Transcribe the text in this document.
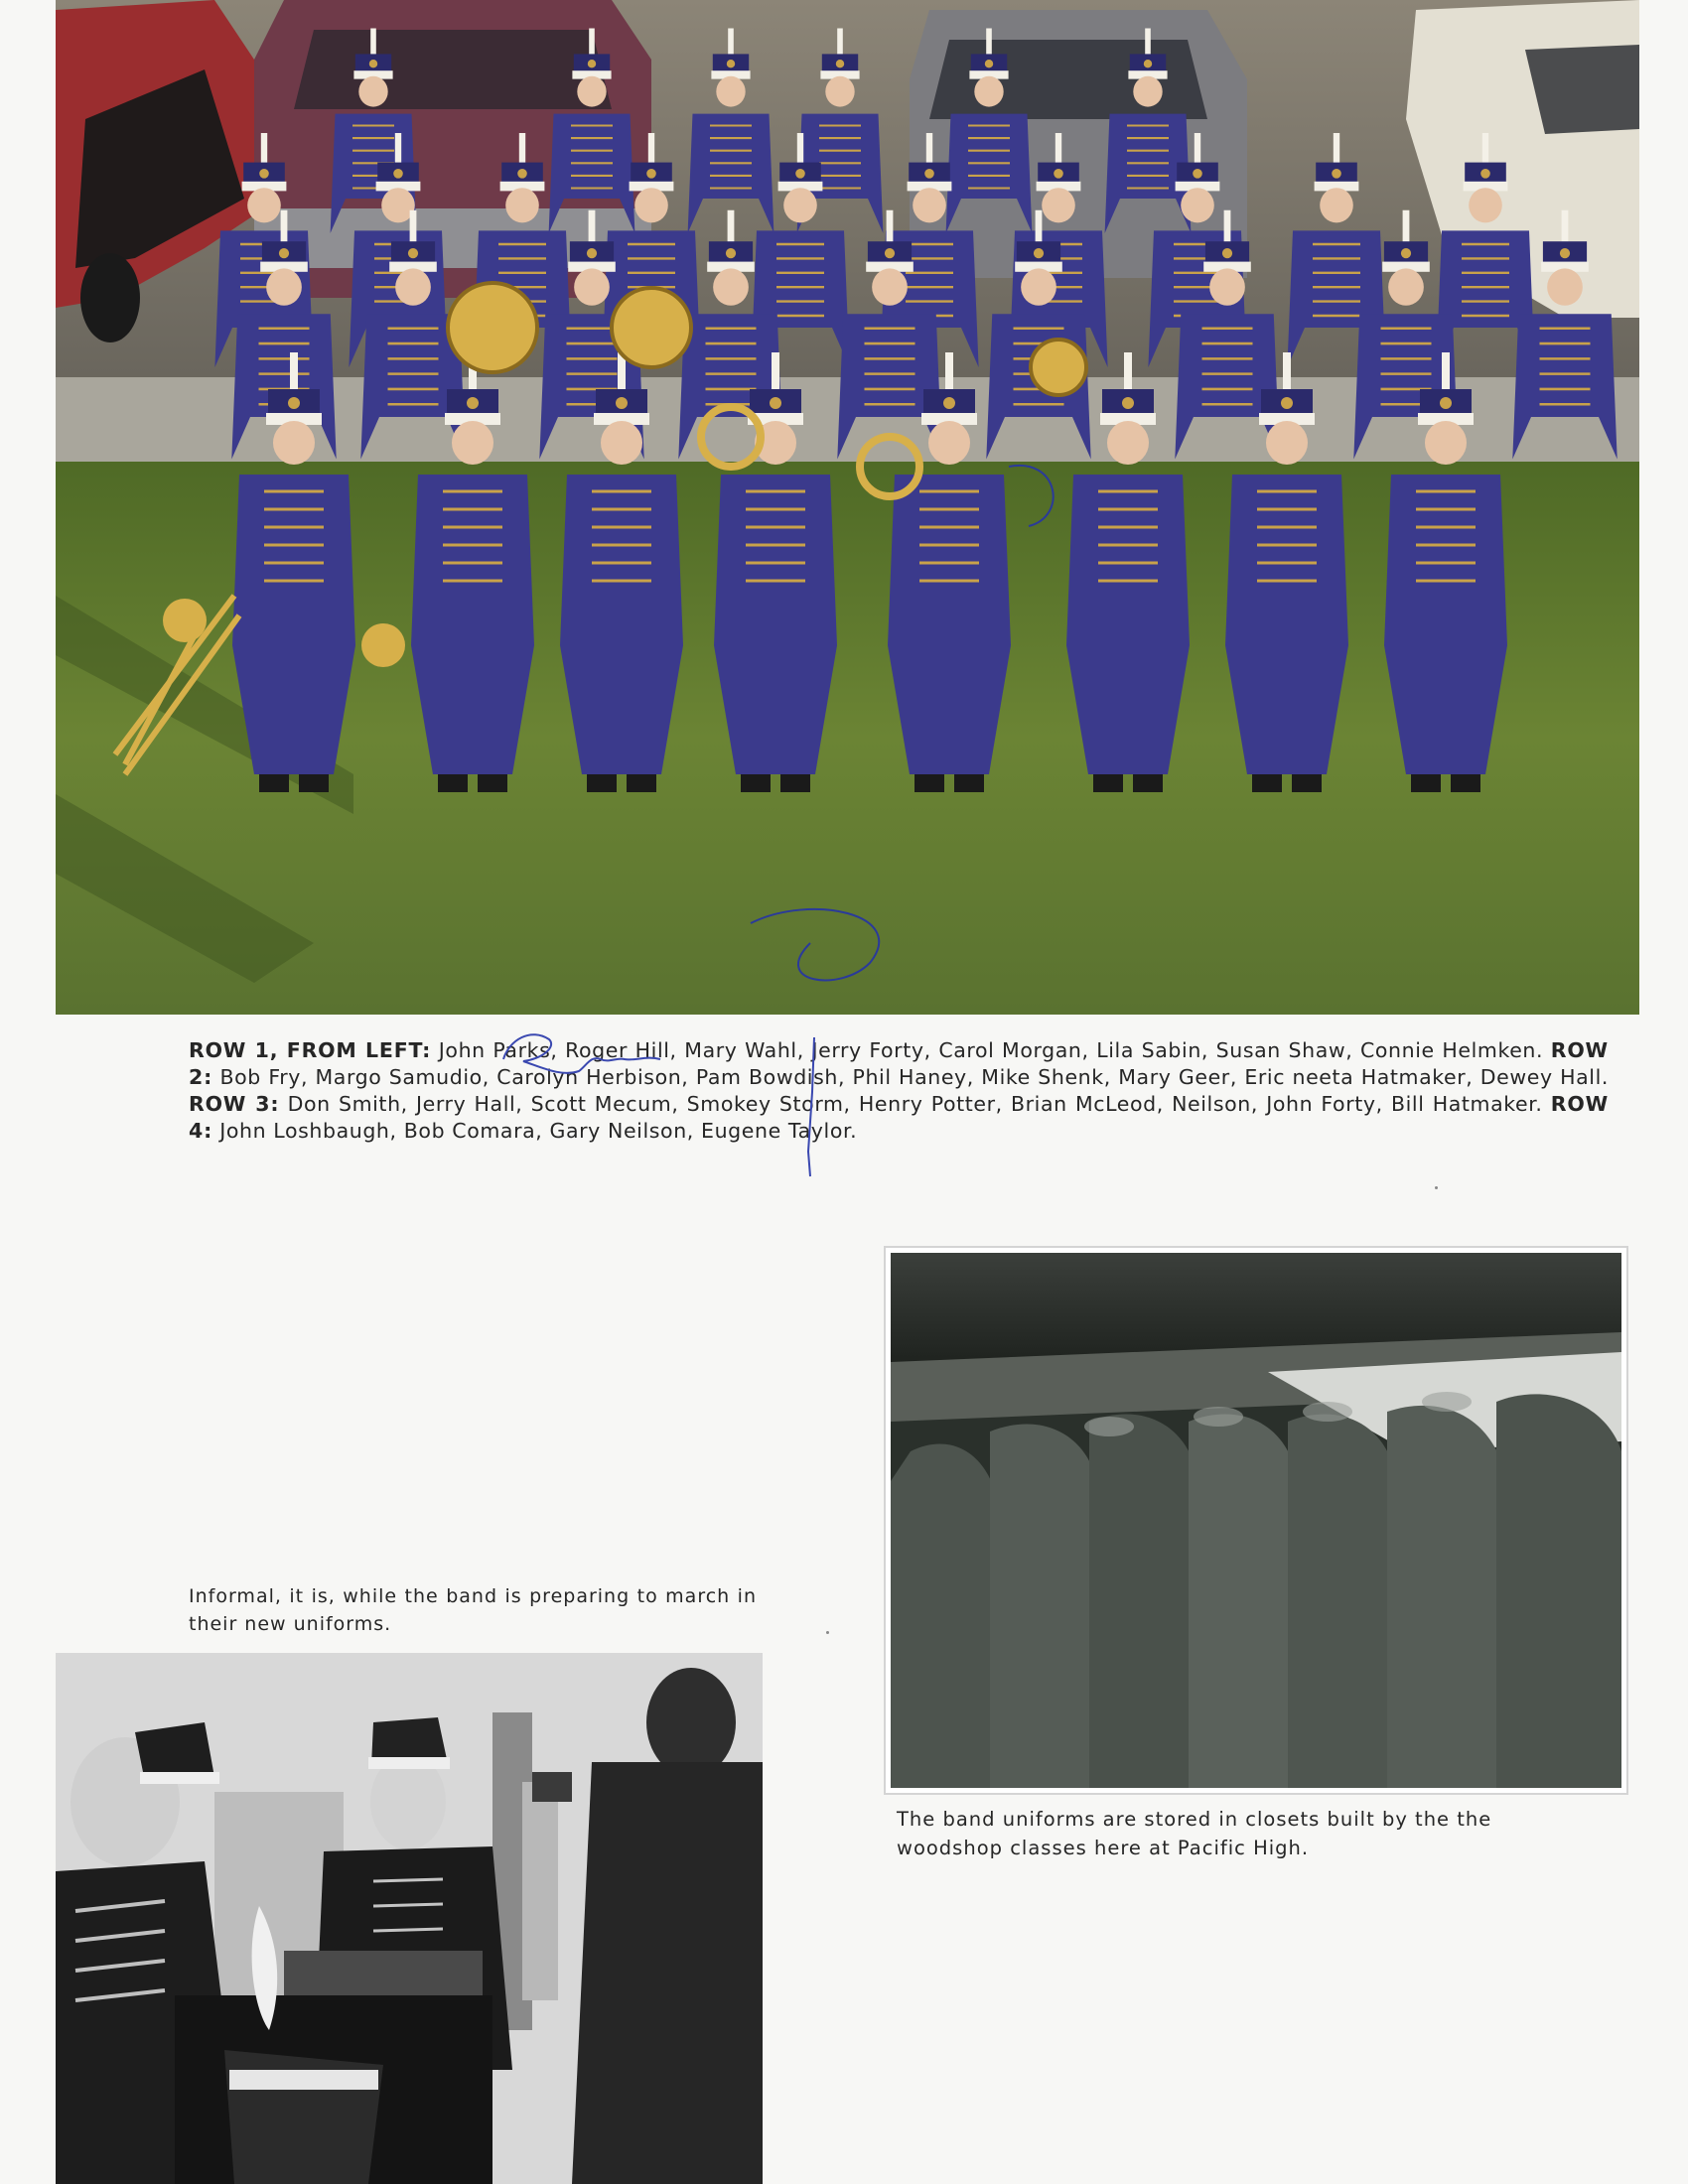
ROW 1, FROM LEFT: John Parks, Roger Hill, Mary Wahl, Jerry Forty, Carol Morgan, Lila Sabin, Susan Shaw, Connie Helmken. ROW 2: Bob Fry, Margo Samudio, Carolyn Herbison, Pam Bowdish, Phil Haney, Mike Shenk, Mary Geer, Eric neeta Hatmaker, Dewey Hall. ROW 3: Don Smith, Jerry Hall, Scott Mecum, Smokey Storm, Henry Potter, Brian McLeod, Neilson, John Forty, Bill Hatmaker. ROW 4: John Loshbaugh, Bob Comara, Gary Neilson, Eugene Taylor.
Informal, it is, while the band is preparing to march in their new uniforms.
The band uniforms are stored in closets built by the the woodshop classes here at Pacific High.
